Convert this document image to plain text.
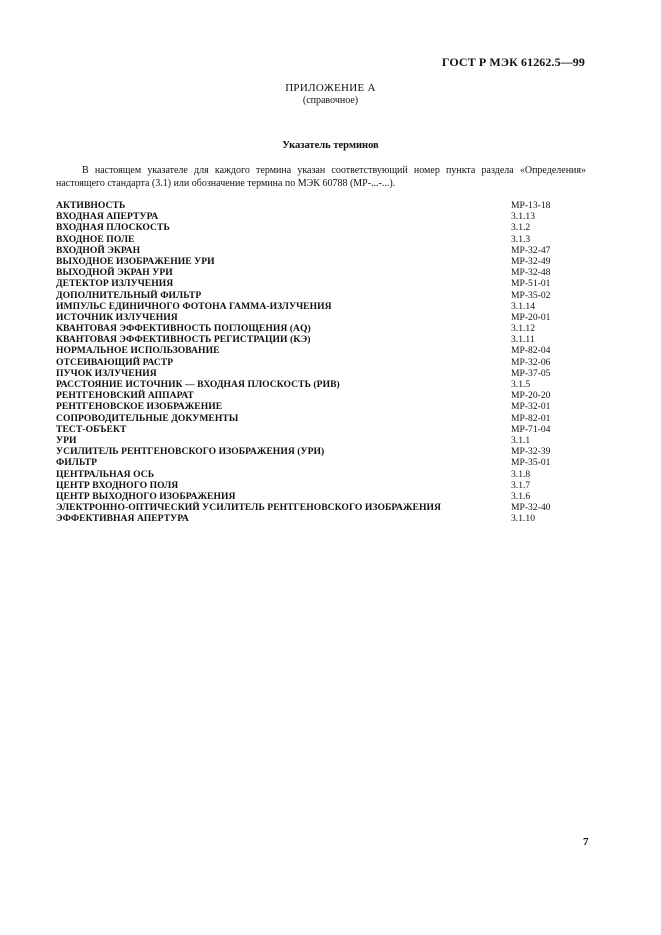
ГОСТ Р МЭК 61262.5—99
ПРИЛОЖЕНИЕ А
(справочное)
Указатель терминов
В настоящем указателе для каждого термина указан соответствующий номер пункта раздела «Определения» настоящего стандарта (3.1) или обозначение термина по МЭК 60788 (МР-...-...).
АКТИВНОСТЬ	МР-13-18
ВХОДНАЯ АПЕРТУРА	3.1.13
ВХОДНАЯ ПЛОСКОСТЬ	3.1.2
ВХОДНОЕ ПОЛЕ	3.1.3
ВХОДНОЙ ЭКРАН	МР-32-47
ВЫХОДНОЕ ИЗОБРАЖЕНИЕ УРИ	МР-32-49
ВЫХОДНОЙ ЭКРАН УРИ	МР-32-48
ДЕТЕКТОР ИЗЛУЧЕНИЯ	МР-51-01
ДОПОЛНИТЕЛЬНЫЙ ФИЛЬТР	МР-35-02
ИМПУЛЬС ЕДИНИЧНОГО ФОТОНА ГАММА-ИЗЛУЧЕНИЯ	3.1.14
ИСТОЧНИК ИЗЛУЧЕНИЯ	МР-20-01
КВАНТОВАЯ ЭФФЕКТИВНОСТЬ ПОГЛОЩЕНИЯ (AQ)	3.1.12
КВАНТОВАЯ ЭФФЕКТИВНОСТЬ РЕГИСТРАЦИИ (KЭ)	3.1.11
НОРМАЛЬНОЕ ИСПОЛЬЗОВАНИЕ	МР-82-04
ОТСЕИВАЮЩИЙ РАСТР	МР-32-06
ПУЧОК ИЗЛУЧЕНИЯ	МР-37-05
РАССТОЯНИЕ ИСТОЧНИК — ВХОДНАЯ ПЛОСКОСТЬ (РИВ)	3.1.5
РЕНТГЕНОВСКИЙ АППАРАТ	МР-20-20
РЕНТГЕНОВСКОЕ ИЗОБРАЖЕНИЕ	МР-32-01
СОПРОВОДИТЕЛЬНЫЕ ДОКУМЕНТЫ	МР-82-01
ТЕСТ-ОБЪЕКТ	МР-71-04
УРИ	3.1.1
УСИЛИТЕЛЬ РЕНТГЕНОВСКОГО ИЗОБРАЖЕНИЯ (УРИ)	МР-32-39
ФИЛЬТР	МР-35-01
ЦЕНТРАЛЬНАЯ ОСЬ	3.1.8
ЦЕНТР ВХОДНОГО ПОЛЯ	3.1.7
ЦЕНТР ВЫХОДНОГО ИЗОБРАЖЕНИЯ	3.1.6
ЭЛЕКТРОННО-ОПТИЧЕСКИЙ УСИЛИТЕЛЬ РЕНТГЕНОВСКОГО ИЗОБРАЖЕНИЯ	МР-32-40
ЭФФЕКТИВНАЯ АПЕРТУРА	3.1.10
7
